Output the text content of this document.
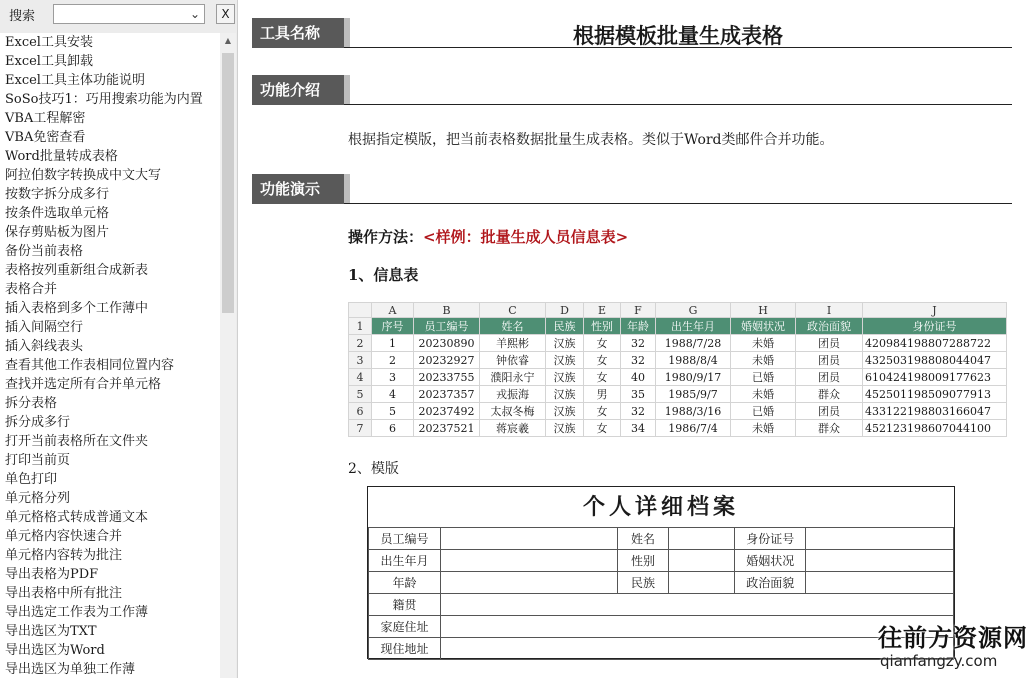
搜索	⌄	X
Excel工具安装
Excel工具卸载
Excel工具主体功能说明
SoSo技巧1：巧用搜索功能为内置
VBA工程解密
VBA免密查看
Word批量转成表格
阿拉伯数字转换成中文大写
按数字拆分成多行
按条件选取单元格
保存剪贴板为图片
备份当前表格
表格按列重新组合成新表
表格合并
插入表格到多个工作薄中
插入间隔空行
插入斜线表头
查看其他工作表相同位置内容
查找并选定所有合并单元格
拆分表格
拆分成多行
打开当前表格所在文件夹
打印当前页
单色打印
单元格分列
单元格格式转成普通文本
单元格内容快速合并
单元格内容转为批注
导出表格为PDF
导出表格中所有批注
导出选定工作表为工作薄
导出选区为TXT
导出选区为Word
导出选区为单独工作薄
▲	工具名称	根据模板批量生成表格
功能介绍
根据指定模版，把当前表格数据批量生成表格。类似于Word类邮件合并功能。
功能演示
操作方法：<样例：批量生成人员信息表>
1、信息表
	A	B	C	D	E	F	G	H	I	J
1	序号	员工编号	姓名	民族	性别	年龄	出生年月	婚姻状况	政治面貌	身份证号
2	1	20230890	羊熙彬	汉族	女	32	1988/7/28	未婚	团员	420984198807288722
3	2	20232927	钟依睿	汉族	女	32	1988/8/4	未婚	团员	432503198808044047
4	3	20233755	濮阳永宁	汉族	女	40	1980/9/17	已婚	团员	610424198009177623
5	4	20237357	戎振海	汉族	男	35	1985/9/7	未婚	群众	452501198509077913
6	5	20237492	太叔冬梅	汉族	女	32	1988/3/16	已婚	团员	433122198803166047
7	6	20237521	蒋宸羲	汉族	女	34	1986/7/4	未婚	群众	452123198607044100
2、模版
个人详细档案
员工编号		姓名		身份证号	
出生年月		性别		婚姻状况	
年龄		民族		政治面貌	
籍贯					
家庭住址					
现住地址						往前方资源网
qianfangzy.com
